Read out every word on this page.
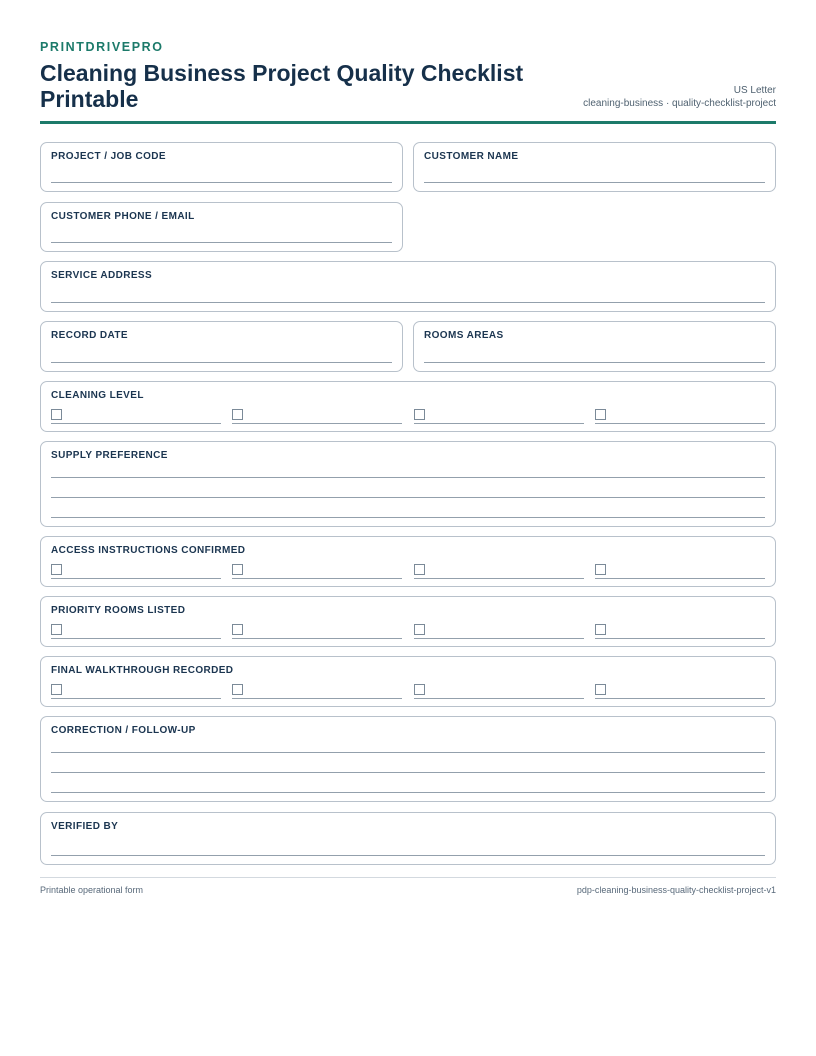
PRINTDRIVEPRO
Cleaning Business Project Quality Checklist Printable	US Letter
cleaning-business · quality-checklist-project
PROJECT / JOB CODE	CUSTOMER NAME
CUSTOMER PHONE / EMAIL
SERVICE ADDRESS
RECORD DATE	ROOMS AREAS
CLEANING LEVEL
SUPPLY PREFERENCE
ACCESS INSTRUCTIONS CONFIRMED
PRIORITY ROOMS LISTED
FINAL WALKTHROUGH RECORDED
CORRECTION / FOLLOW-UP
VERIFIED BY
Printable operational form	pdp-cleaning-business-quality-checklist-project-v1
